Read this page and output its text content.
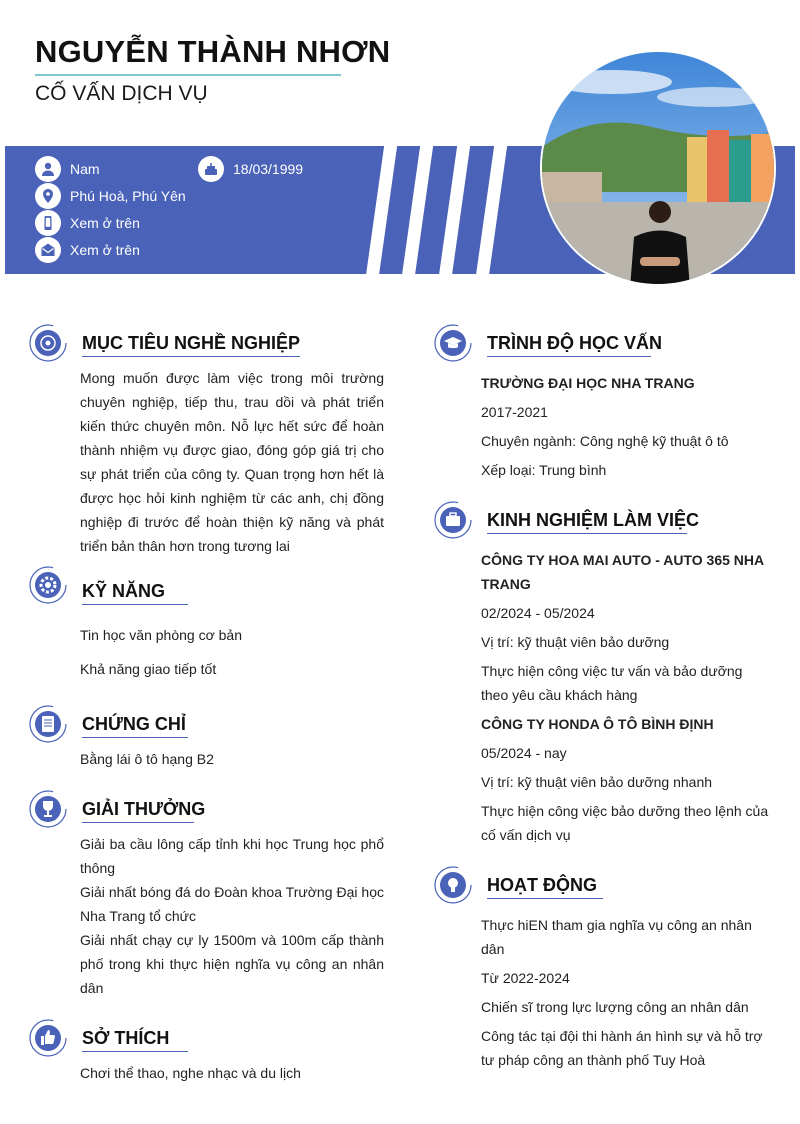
NGUYỄN THÀNH NHƠN
CỐ VẤN DỊCH VỤ
Nam	18/03/1999
Phú Hoà, Phú Yên
Xem ở trên
Xem ở trên
MỤC TIÊU NGHỀ NGHIỆP
Mong muốn được làm việc trong môi trường chuyên nghiệp, tiếp thu, trau dồi và phát triển kiến thức chuyên môn. Nỗ lực hết sức để hoàn thành nhiệm vụ được giao, đóng góp giá trị cho sự phát triển của công ty. Quan trọng hơn hết là được học hỏi kinh nghiệm từ các anh, chị đồng nghiệp đi trước để hoàn thiện kỹ năng và phát triển bản thân hơn trong tương lai
KỸ NĂNG
Tin học văn phòng cơ bản
Khả năng giao tiếp tốt
CHỨNG CHỈ
Bằng lái ô tô hạng B2
GIẢI THƯỞNG
Giải ba cầu lông cấp tỉnh khi học Trung học phổ thông
Giải nhất bóng đá do Đoàn khoa Trường Đại học Nha Trang tổ chức
Giải nhất chạy cự ly 1500m và 100m cấp thành phố trong khi thực hiện nghĩa vụ công an nhân dân
SỞ THÍCH
Chơi thể thao, nghe nhạc và du lịch
TRÌNH ĐỘ HỌC VẤN
TRƯỜNG ĐẠI HỌC NHA TRANG
2017-2021
Chuyên ngành: Công nghệ kỹ thuật ô tô
Xếp loại: Trung bình
KINH NGHIỆM LÀM VIỆC
CÔNG TY HOA MAI AUTO - AUTO 365 NHA TRANG
02/2024 - 05/2024
Vị trí: kỹ thuật viên bảo dưỡng
Thực hiện công việc tư vấn và bảo dưỡng theo yêu cầu khách hàng
CÔNG TY HONDA Ô TÔ BÌNH ĐỊNH
05/2024 - nay
Vị trí: kỹ thuật viên bảo dưỡng nhanh
Thực hiện công việc bảo dưỡng theo lệnh của cố vấn dịch vụ
HOẠT ĐỘNG
Thực hiEN tham gia nghĩa vụ công an nhân dân
Từ 2022-2024
Chiến sĩ trong lực lượng công an nhân dân
Công tác tại đội thi hành án hình sự và hỗ trợ tư pháp công an thành phố Tuy Hoà
